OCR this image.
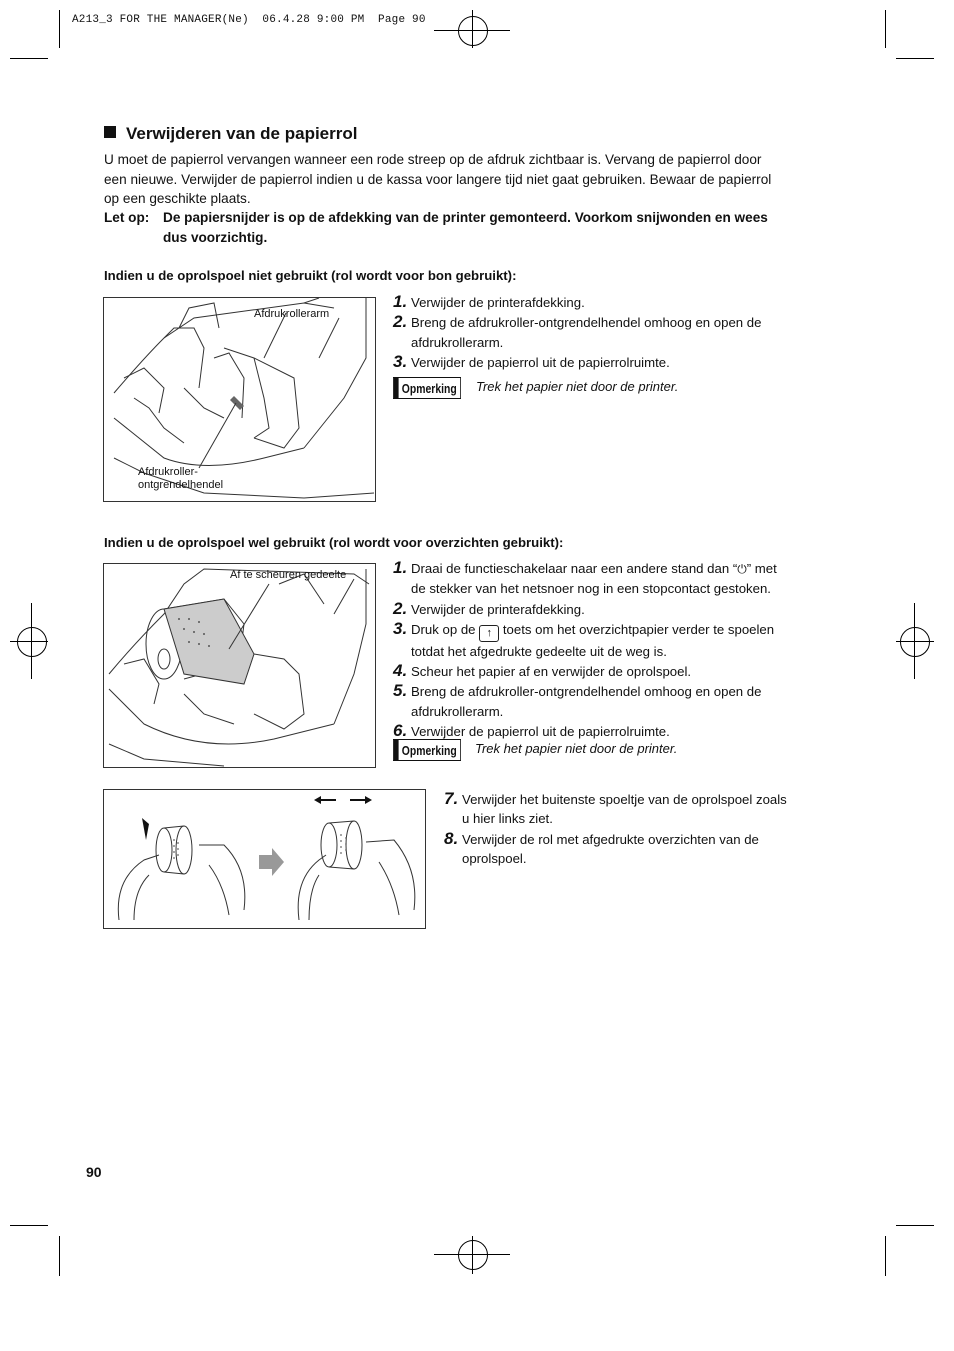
A213_3 FOR THE MANAGER(Ne)  06.4.28 9:00 PM  Page 90
Verwijderen van de papierrol
U moet de papierrol vervangen wanneer een rode streep op de afdruk zichtbaar is. Vervang de papierrol door
een nieuwe. Verwijder de papierrol indien u de kassa voor langere tijd niet gaat gebruiken. Bewaar de papierrol
op een geschikte plaats.
Let op: De papiersnijder is op de afdekking van de printer gemonteerd. Voorkom snijwonden en wees
dus voorzichtig.
Indien u de oprolspoel niet gebruikt (rol wordt voor bon gebruikt):
Afdrukrollerarm
Afdrukroller-
ontgrendelhendel
1. Verwijder de printerafdekking.
2. Breng de afdrukroller-ontgrendelhendel omhoog en open de
afdrukrollerarm.
3. Verwijder de papierrol uit de papierrolruimte.
Opmerking Trek het papier niet door de printer.
Indien u de oprolspoel wel gebruikt (rol wordt voor overzichten gebruikt):
Af te scheuren gedeelte	1. Draai de functieschakelaar naar een andere stand dan “⏻” met
de stekker van het netsnoer nog in een stopcontact gestoken.
2. Verwijder de printerafdekking.
3. Druk op de ↑ toets om het overzichtpapier verder te spoelen
totdat het afgedrukte gedeelte uit de weg is.
4. Scheur het papier af en verwijder de oprolspoel.
5. Breng de afdrukroller-ontgrendelhendel omhoog en open de
afdrukrollerarm.
6. Verwijder de papierrol uit de papierrolruimte.
Opmerking Trek het papier niet door de printer.
7. Verwijder het buitenste spoeltje van de oprolspoel zoals
u hier links ziet.
8. Verwijder de rol met afgedrukte overzichten van de
oprolspoel.
90
